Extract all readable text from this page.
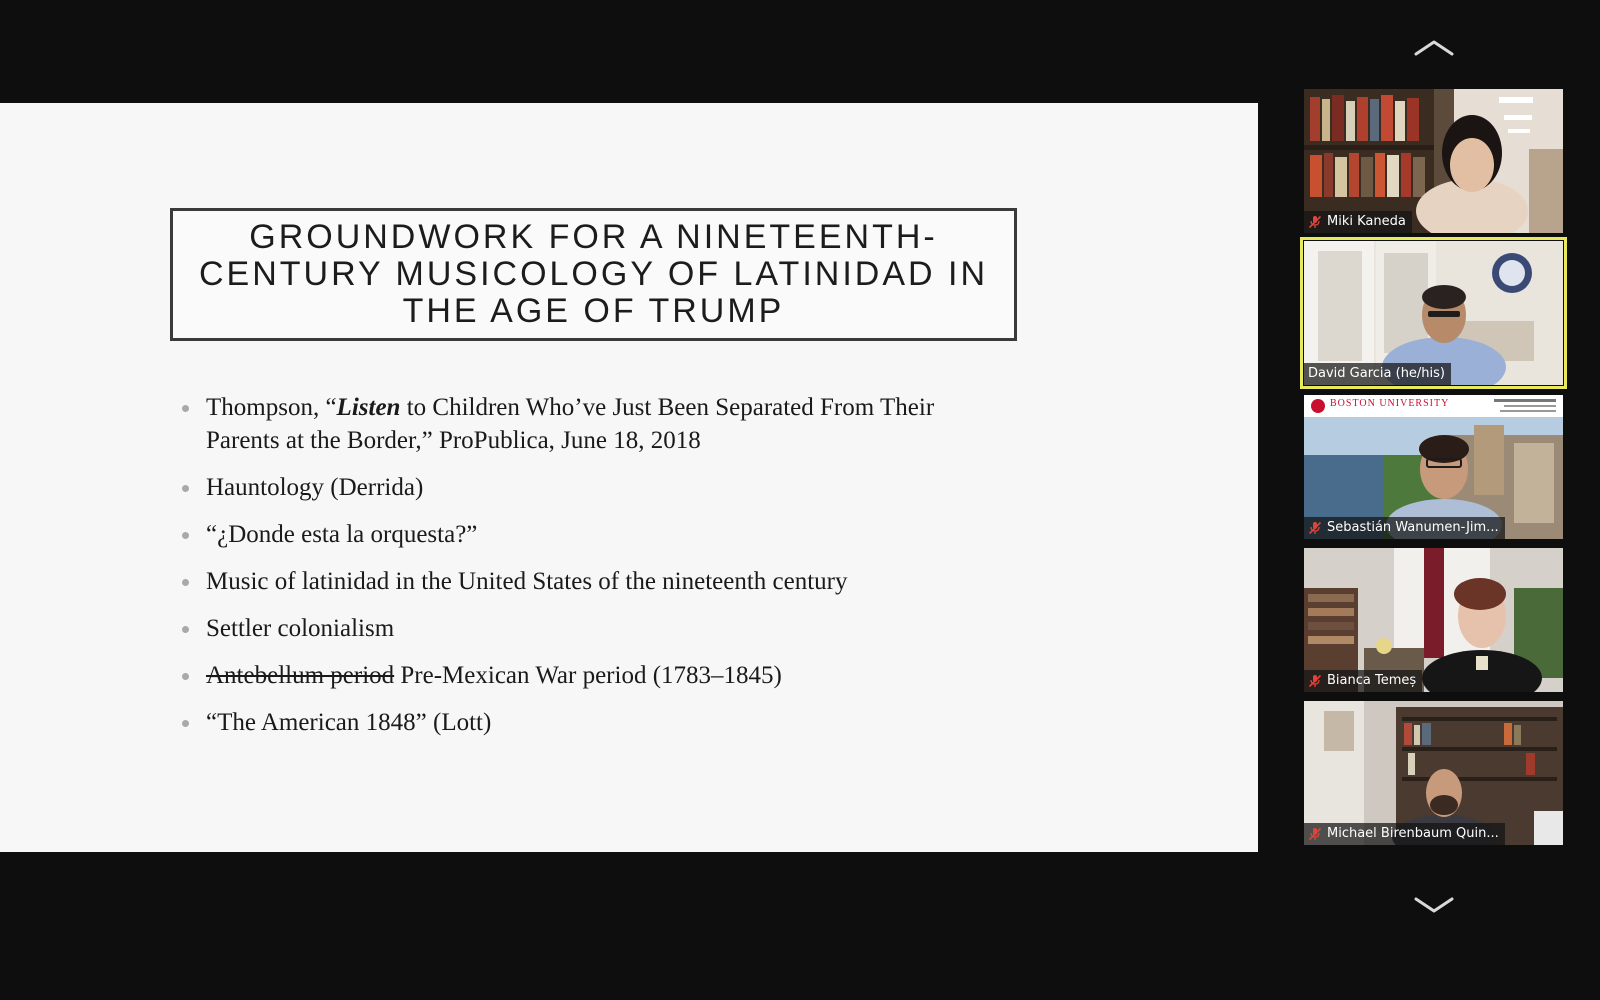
GROUNDWORK FOR A NINETEENTH-
CENTURY MUSICOLOGY OF LATINIDAD IN
THE AGE OF TRUMP
Thompson, “Listen to Children Who’ve Just Been Separated From Their Parents at the Border,” ProPublica, June 18, 2018
Hauntology (Derrida)
“¿Donde esta la orquesta?”
Music of latinidad in the United States of the nineteenth century
Settler colonialism
Antebellum period Pre-Mexican War period (1783–1845)
“The American 1848” (Lott)
Miki Kaneda
David Garcia (he/his)
BOSTON UNIVERSITY
Sebastián Wanumen-Jim...
Bianca Temeș
Michael Birenbaum Quin...
